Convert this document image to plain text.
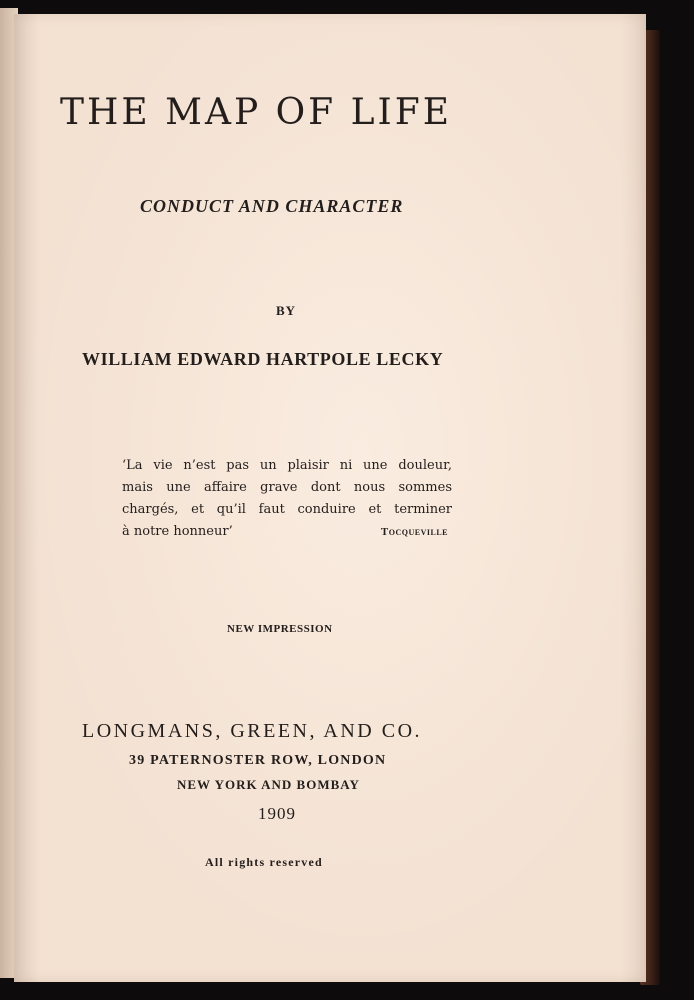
THE MAP OF LIFE

CONDUCT AND CHARACTER

BY

WILLIAM EDWARD HARTPOLE LECKY

‘La vie n’est pas un plaisir ni une douleur,
mais une affaire grave dont nous sommes
chargés, et qu’il faut conduire et terminer
à notre honneur’	Tocqueville

NEW IMPRESSION

LONGMANS, GREEN, AND CO.

39 PATERNOSTER ROW, LONDON

NEW YORK AND BOMBAY

1909

All rights reserved
